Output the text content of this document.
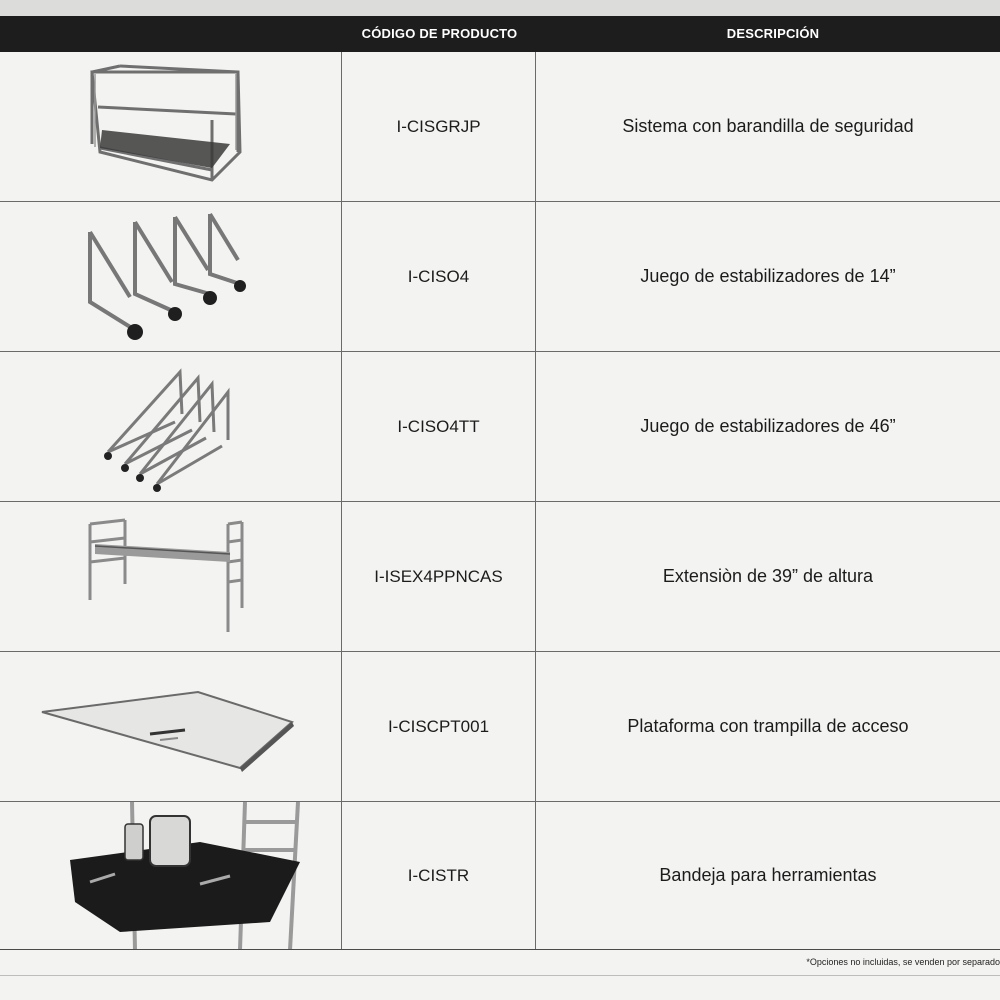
CÓDIGO DE PRODUCTO	DESCRIPCIÓN
I-CISGRJP	Sistema con barandilla de seguridad
I-CISO4	Juego de estabilizadores de 14”
I-CISO4TT	Juego de estabilizadores de 46”
I-ISEX4PPNCAS	Extensiòn de 39” de altura
I-CISCPT001	Plataforma con trampilla de acceso
I-CISTR	Bandeja para herramientas
*Opciones no incluidas, se venden por separado
